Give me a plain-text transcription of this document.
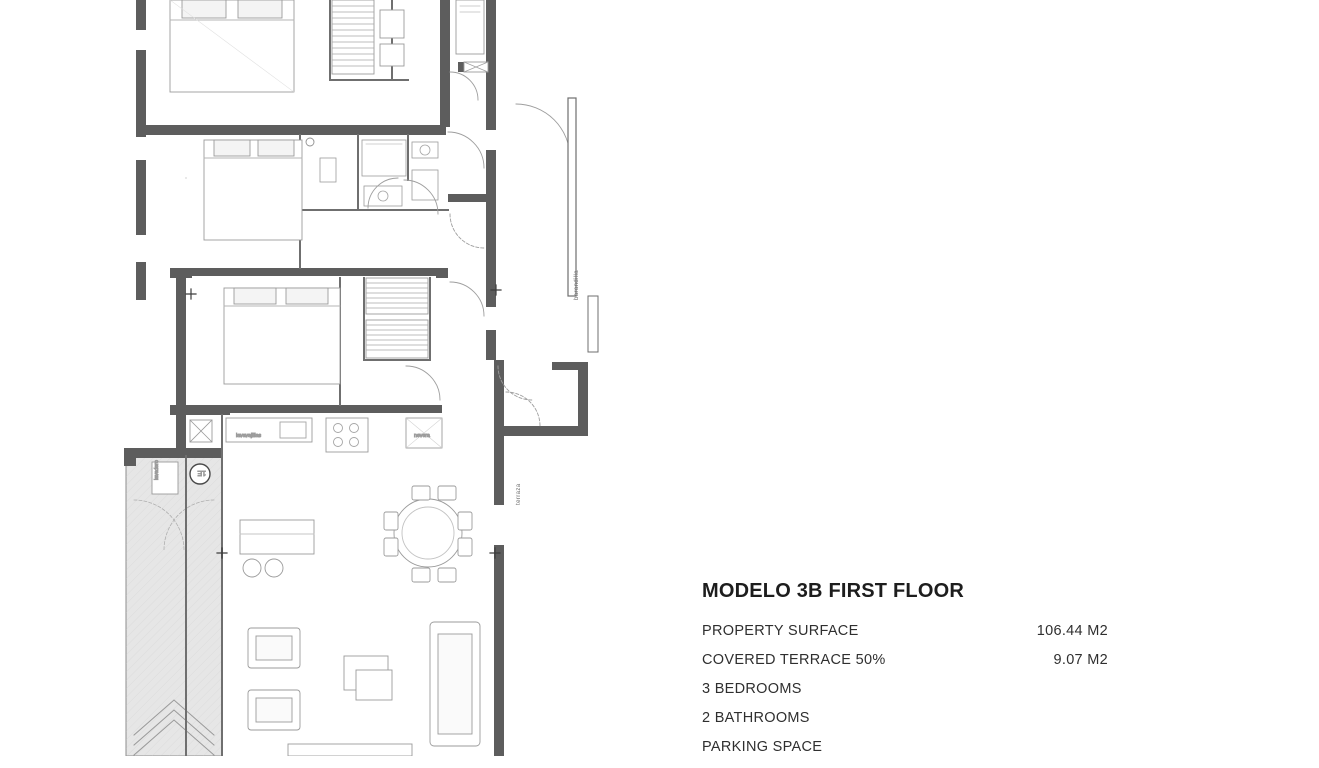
lavavajillas	nevera
lavadero	1E
barandilla
terraza
MODELO 3B FIRST FLOOR
PROPERTY SURFACE	106.44 M2
COVERED TERRACE 50%	9.07 M2
3 BEDROOMS
2 BATHROOMS
PARKING SPACE
